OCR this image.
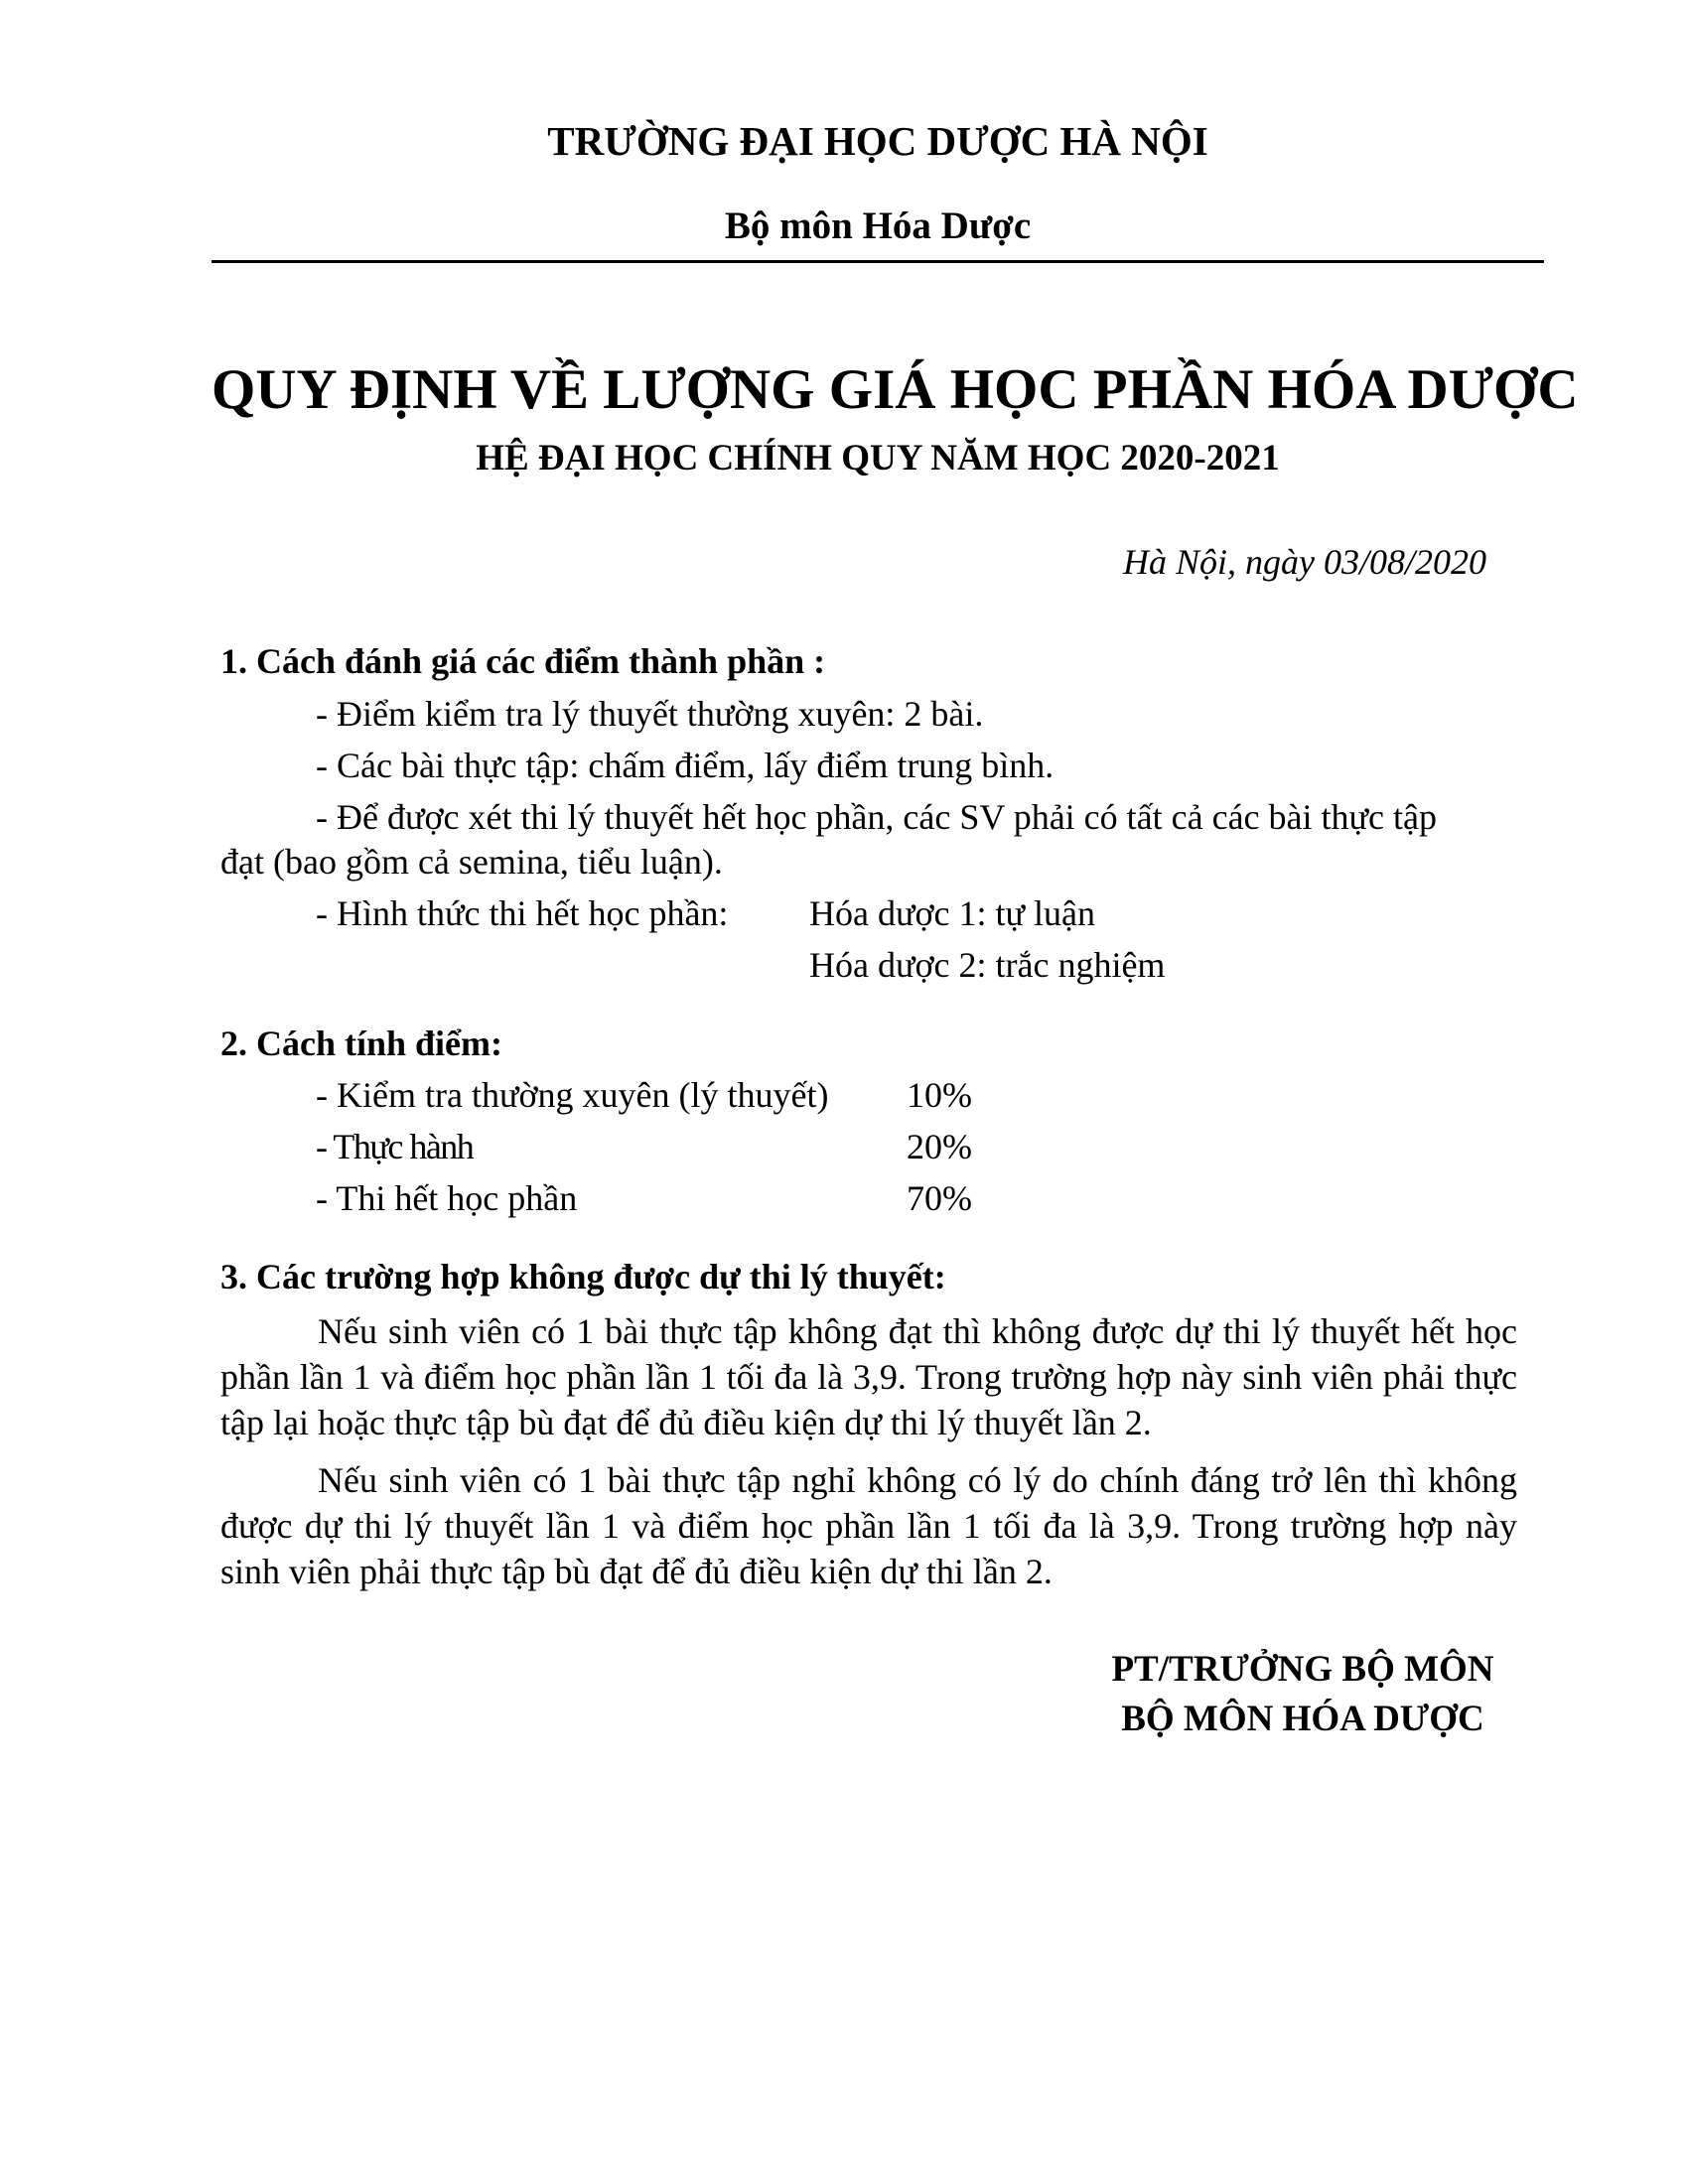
TRƯỜNG ĐẠI HỌC DƯỢC HÀ NỘI
Bộ môn Hóa Dược
QUY ĐỊNH VỀ LƯỢNG GIÁ HỌC PHẦN HÓA DƯỢC
HỆ ĐẠI HỌC CHÍNH QUY NĂM HỌC 2020-2021
Hà Nội, ngày 03/08/2020
1. Cách đánh giá các điểm thành phần :
- Điểm kiểm tra lý thuyết thường xuyên: 2 bài.
- Các bài thực tập: chấm điểm, lấy điểm trung bình.
- Để được xét thi lý thuyết hết học phần, các SV phải có tất cả các bài thực tập
đạt (bao gồm cả semina, tiểu luận).
- Hình thức thi hết học phần: Hóa dược 1: tự luận
Hóa dược 2: trắc nghiệm
2. Cách tính điểm:
- Kiểm tra thường xuyên (lý thuyết) 10%
- Thực hành	20%
- Thi hết học phần	70%
3. Các trường hợp không được dự thi lý thuyết:
Nếu sinh viên có 1 bài thực tập không đạt thì không được dự thi lý thuyết hết học phần lần 1 và điểm học phần lần 1 tối đa là 3,9. Trong trường hợp này sinh viên phải thực tập lại hoặc thực tập bù đạt để đủ điều kiện dự thi lý thuyết lần 2.
Nếu sinh viên có 1 bài thực tập nghỉ không có lý do chính đáng trở lên thì không được dự thi lý thuyết lần 1 và điểm học phần lần 1 tối đa là 3,9. Trong trường hợp này sinh viên phải thực tập bù đạt để đủ điều kiện dự thi lần 2.
PT/TRƯỞNG BỘ MÔN
BỘ MÔN HÓA DƯỢC
